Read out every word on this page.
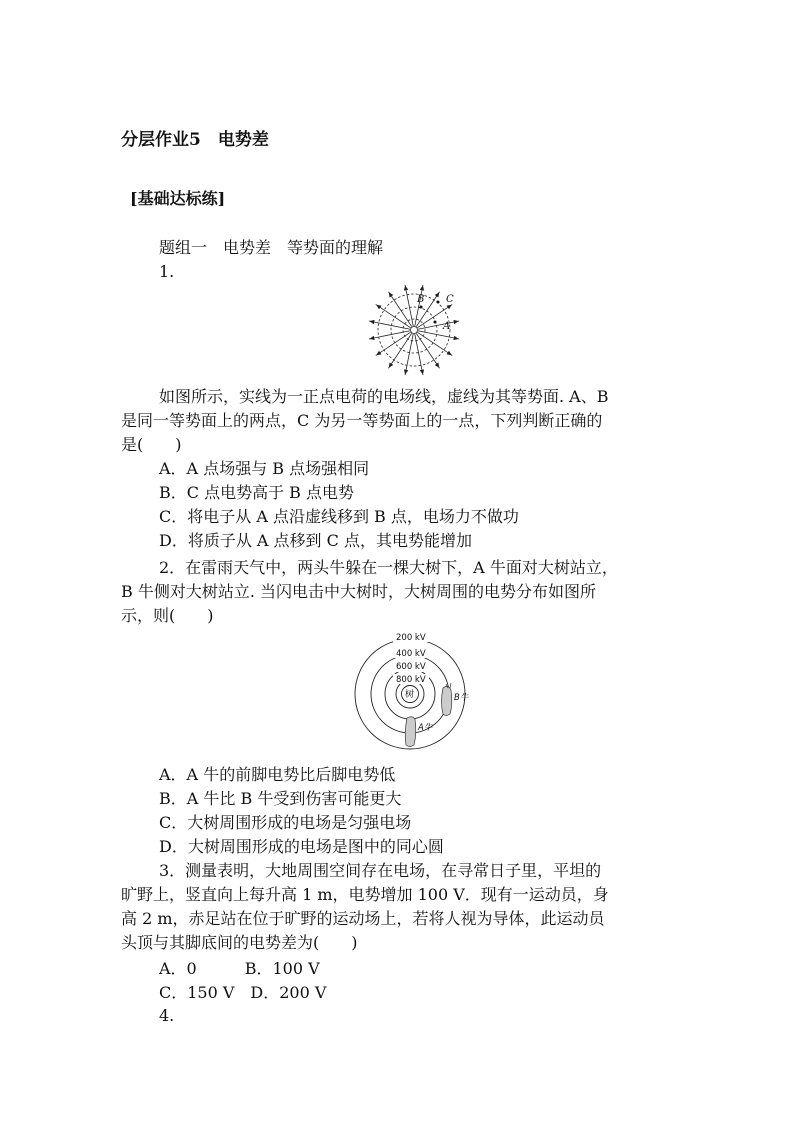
分层作业5　电势差
[基础达标练]
题组一　电势差　等势面的理解
1.
B C
A
如图所示，实线为一正点电荷的电场线，虚线为其等势面. A、B
是同一等势面上的两点，C 为另一等势面上的一点，下列判断正确的
是(　　)
A．A 点场强与 B 点场强相同
B．C 点电势高于 B 点电势
C．将电子从 A 点沿虚线移到 B 点，电场力不做功
D．将质子从 A 点移到 C 点，其电势能增加
2．在雷雨天气中，两头牛躲在一棵大树下，A 牛面对大树站立，
B 牛侧对大树站立. 当闪电击中大树时，大树周围的电势分布如图所
示，则(　　)
200 kV
400 kV
600 kV
800 kV
树	B牛
A牛
A．A 牛的前脚电势比后脚电势低
B．A 牛比 B 牛受到伤害可能更大
C．大树周围形成的电场是匀强电场
D．大树周围形成的电场是图中的同心圆
3．测量表明，大地周围空间存在电场，在寻常日子里，平坦的
旷野上，竖直向上每升高 1 m，电势增加 100 V．现有一运动员，身
高 2 m，赤足站在位于旷野的运动场上，若将人视为导体，此运动员
头顶与其脚底间的电势差为(　　)
A．0　　　B．100 V
C．150 V　D．200 V
4.
